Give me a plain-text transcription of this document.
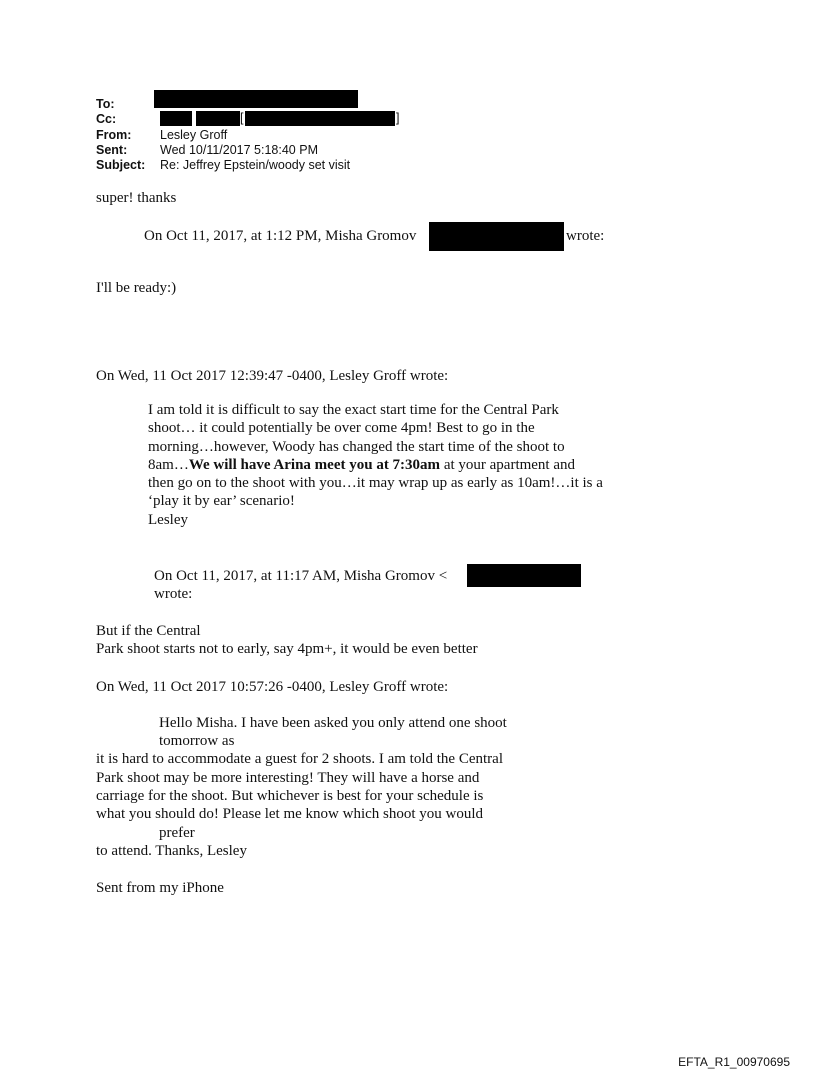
To:
Cc:	[	]
From: Lesley Groff
Sent:	Wed 10/11/2017 5:18:40 PM
Subject: Re: Jeffrey Epstein/woody set visit
super! thanks
On Oct 11, 2017, at 1:12 PM, Misha Gromov	wrote:
I'll be ready:)
On Wed, 11 Oct 2017 12:39:47 -0400, Lesley Groff wrote:
I am told it is difficult to say the exact start time for the Central Park
shoot… it could potentially be over come 4pm! Best to go in the
morning…however, Woody has changed the start time of the shoot to
8am…We will have Arina meet you at 7:30am at your apartment and
then go on to the shoot with you…it may wrap up as early as 10am!…it is a
‘play it by ear’ scenario!
Lesley
On Oct 11, 2017, at 11:17 AM, Misha Gromov <
wrote:
But if the Central
Park shoot starts not to early, say 4pm+, it would be even better
On Wed, 11 Oct 2017 10:57:26 -0400, Lesley Groff wrote:
Hello Misha. I have been asked you only attend one shoot
tomorrow as
it is hard to accommodate a guest for 2 shoots. I am told the Central
Park shoot may be more interesting! They will have a horse and
carriage for the shoot. But whichever is best for your schedule is
what you should do! Please let me know which shoot you would
prefer
to attend. Thanks, Lesley
Sent from my iPhone
EFTA_R1_00970695
